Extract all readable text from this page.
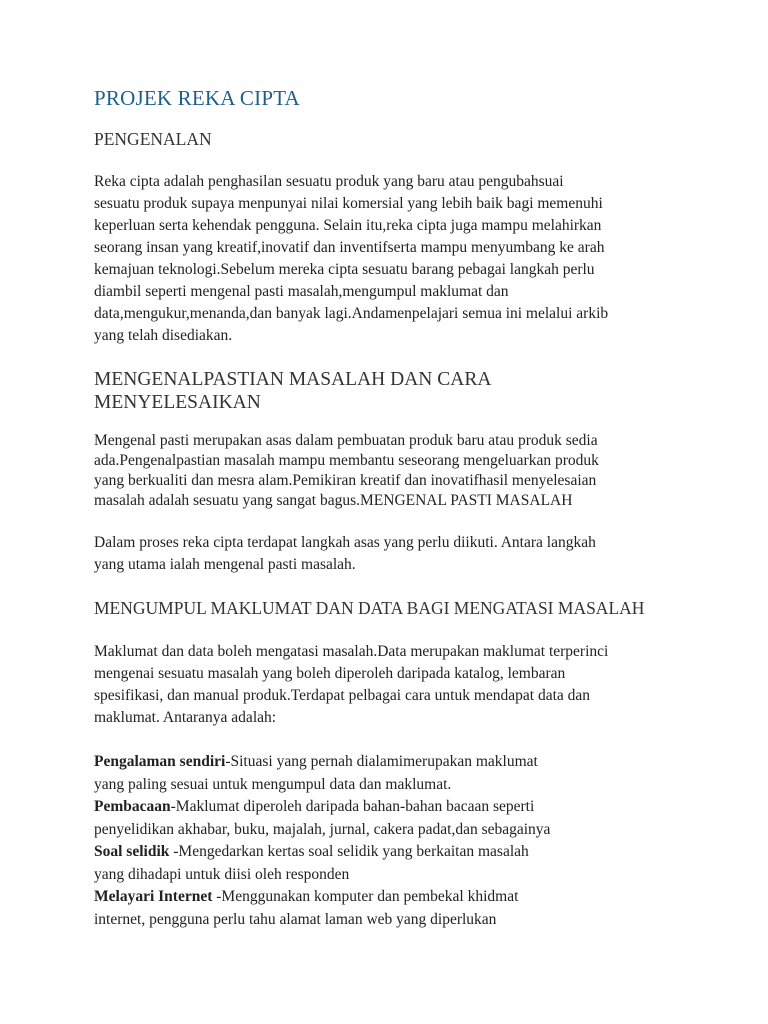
PROJEK REKA CIPTA
PENGENALAN
Reka cipta adalah penghasilan sesuatu produk yang baru atau pengubahsuai
sesuatu produk supaya menpunyai nilai komersial yang lebih baik bagi memenuhi
keperluan serta kehendak pengguna. Selain itu,reka cipta juga mampu melahirkan
seorang insan yang kreatif,inovatif dan inventifserta mampu menyumbang ke arah
kemajuan teknologi.Sebelum mereka cipta sesuatu barang pebagai langkah perlu
diambil seperti mengenal pasti masalah,mengumpul maklumat dan
data,mengukur,menanda,dan banyak lagi.Andamenpelajari semua ini melalui arkib
yang telah disediakan.
MENGENALPASTIAN MASALAH DAN CARA
MENYELESAIKAN
Mengenal pasti merupakan asas dalam pembuatan produk baru atau produk sedia
ada.Pengenalpastian masalah mampu membantu seseorang mengeluarkan produk
yang berkualiti dan mesra alam.Pemikiran kreatif dan inovatifhasil menyelesaian
masalah adalah sesuatu yang sangat bagus.MENGENAL PASTI MASALAH
Dalam proses reka cipta terdapat langkah asas yang perlu diikuti. Antara langkah
yang utama ialah mengenal pasti masalah.
MENGUMPUL MAKLUMAT DAN DATA BAGI MENGATASI MASALAH
Maklumat dan data boleh mengatasi masalah.Data merupakan maklumat terperinci
mengenai sesuatu masalah yang boleh diperoleh daripada katalog, lembaran
spesifikasi, dan manual produk.Terdapat pelbagai cara untuk mendapat data dan
maklumat. Antaranya adalah:
Pengalaman sendiri-Situasi yang pernah dialamimerupakan maklumat
yang paling sesuai untuk mengumpul data dan maklumat.
Pembacaan-Maklumat diperoleh daripada bahan-bahan bacaan seperti
penyelidikan akhabar, buku, majalah, jurnal, cakera padat,dan sebagainya
Soal selidik -Mengedarkan kertas soal selidik yang berkaitan masalah
yang dihadapi untuk diisi oleh responden
Melayari Internet -Menggunakan komputer dan pembekal khidmat
internet, pengguna perlu tahu alamat laman web yang diperlukan
